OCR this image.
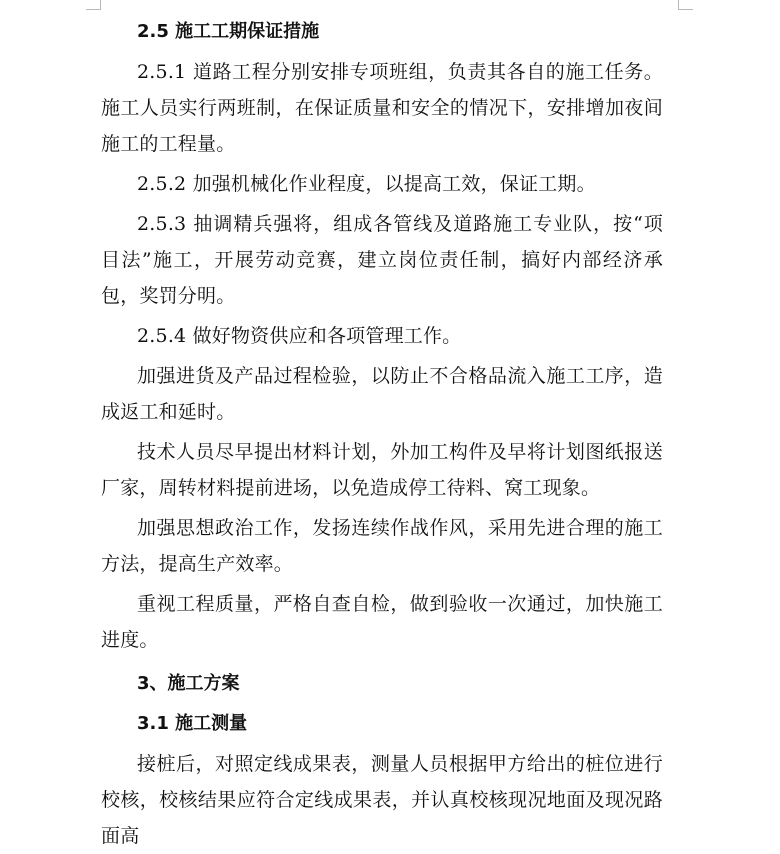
2.5 施工工期保证措施

2.5.1 道路工程分别安排专项班组，负责其各自的施工任务。施工人员实行两班制，在保证质量和安全的情况下，安排增加夜间施工的工程量。

2.5.2 加强机械化作业程度，以提高工效，保证工期。

2.5.3 抽调精兵强将，组成各管线及道路施工专业队，按“项目法”施工，开展劳动竞赛，建立岗位责任制，搞好内部经济承包，奖罚分明。

2.5.4 做好物资供应和各项管理工作。

加强进货及产品过程检验，以防止不合格品流入施工工序，造成返工和延时。

技术人员尽早提出材料计划，外加工构件及早将计划图纸报送厂家，周转材料提前进场，以免造成停工待料、窝工现象。

加强思想政治工作，发扬连续作战作风，采用先进合理的施工方法，提高生产效率。

重视工程质量，严格自查自检，做到验收一次通过，加快施工进度。

3、施工方案
3.1 施工测量

接桩后，对照定线成果表，测量人员根据甲方给出的桩位进行校核，校核结果应符合定线成果表，并认真校核现况地面及现况路面高
